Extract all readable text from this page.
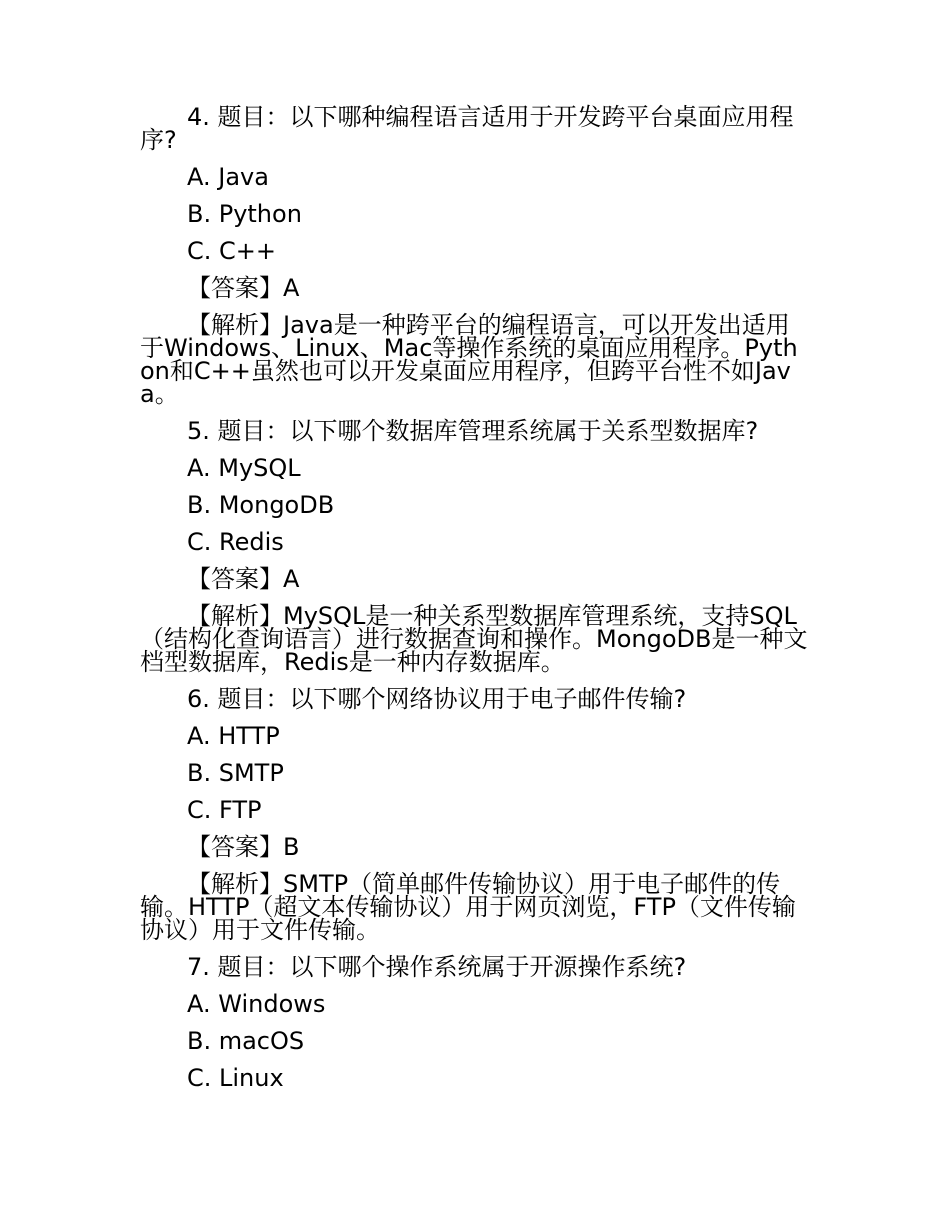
4. 题目：以下哪种编程语言适用于开发跨平台桌面应用程序?
A. Java
B. Python
C. C++
【答案】A
【解析】Java是一种跨平台的编程语言，可以开发出适用于Windows、Linux、Mac等操作系统的桌面应用程序。Python和C++虽然也可以开发桌面应用程序，但跨平台性不如Java。
5. 题目：以下哪个数据库管理系统属于关系型数据库?
A. MySQL
B. MongoDB
C. Redis
【答案】A
【解析】MySQL是一种关系型数据库管理系统，支持SQL（结构化查询语言）进行数据查询和操作。MongoDB是一种文档型数据库，Redis是一种内存数据库。
6. 题目：以下哪个网络协议用于电子邮件传输?
A. HTTP
B. SMTP
C. FTP
【答案】B
【解析】SMTP（简单邮件传输协议）用于电子邮件的传输。HTTP（超文本传输协议）用于网页浏览，FTP（文件传输协议）用于文件传输。
7. 题目：以下哪个操作系统属于开源操作系统?
A. Windows
B. macOS
C. Linux
